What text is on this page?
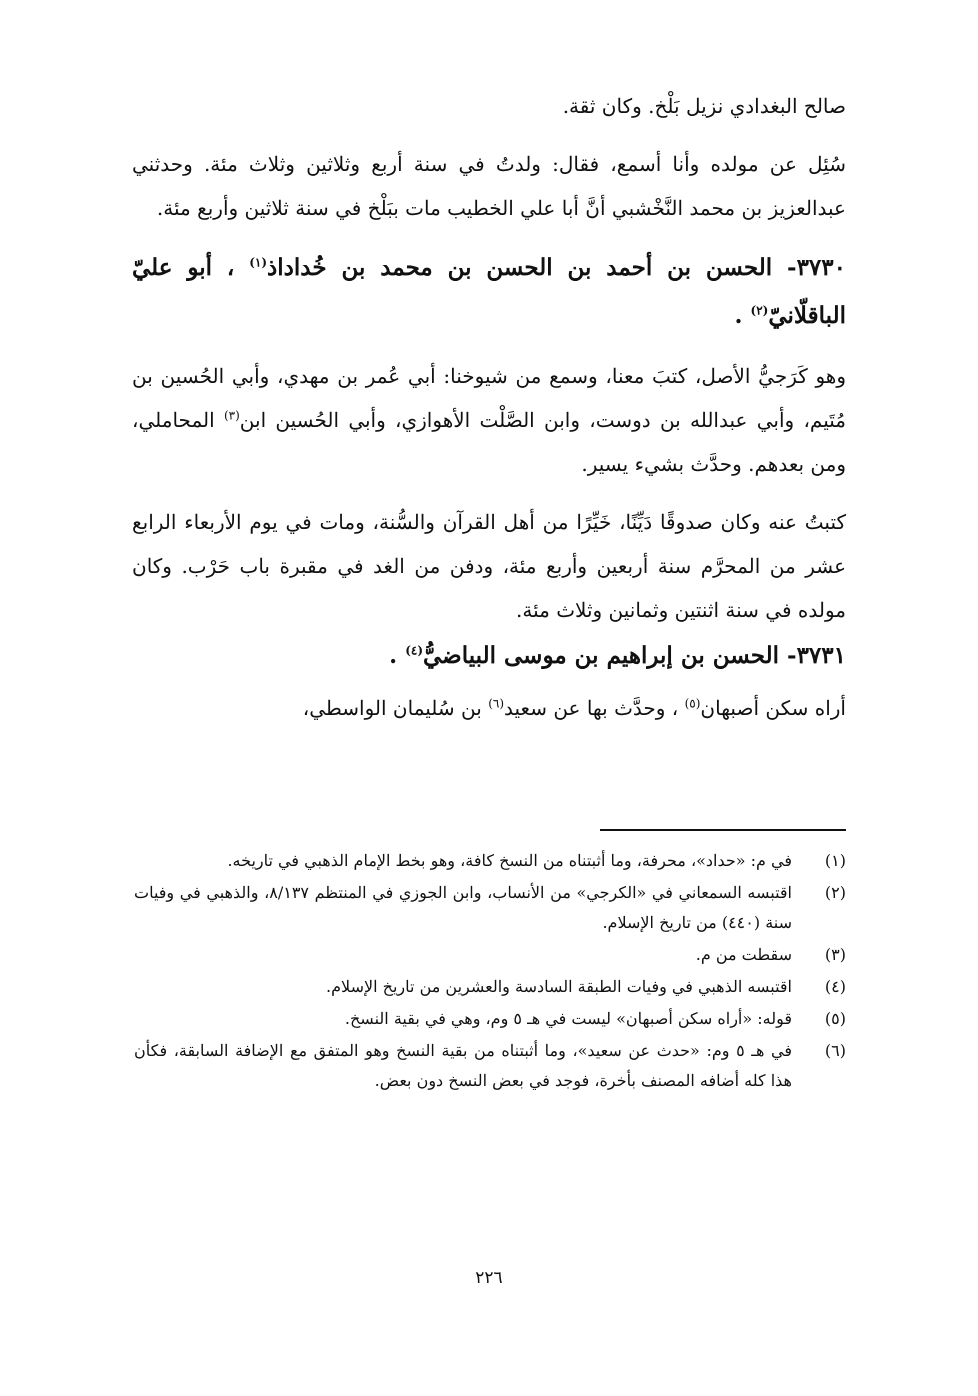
صالح البغدادي نزيل بَلْخ. وكان ثقة.

سُئِل عن مولده وأنا أسمع، فقال: ولدتُ في سنة أربع وثلاثين وثلاث مئة. وحدثني عبدالعزيز بن محمد النَّخْشبي أنَّ أبا علي الخطيب مات ببَلْخ في سنة ثلاثين وأربع مئة.

٣٧٣٠- الحسن بن أحمد بن الحسن بن محمد بن خُداداذ$^{(١)}$ ، أبو عليّ الباقلّانيّ$^{(٢)}$ .

وهو كَرَجيُّ الأصل، كتبَ معنا، وسمع من شيوخنا: أبي عُمر بن مهدي، وأبي الحُسين بن مُتَيم، وأبي عبدالله بن دوست، وابن الصَّلْت الأهوازي، وأبي الحُسين ابن$^{(٣)}$ المحاملي، ومن بعدهم. وحدَّث بشيء يسير.

كتبتُ عنه وكان صدوقًا دَيِّنًا، خَيِّرًا من أهل القرآن والسُّنة، ومات في يوم الأربعاء الرابع عشر من المحرَّم سنة أربعين وأربع مئة، ودفن من الغد في مقبرة باب حَرْب. وكان مولده في سنة اثنتين وثمانين وثلاث مئة.

٣٧٣١- الحسن بن إبراهيم بن موسى البياضيُّ$^{(٤)}$ .

أراه سكن أصبهان$^{(٥)}$ ، وحدَّث بها عن سعيد$^{(٦)}$ بن سُليمان الواسطي،

(١)
في م: «حداد»، محرفة، وما أثبتناه من النسخ كافة، وهو بخط الإمام الذهبي في تاريخه.
(٢)
اقتبسه السمعاني في «الكرجي» من الأنساب، وابن الجوزي في المنتظم ٨/١٣٧، والذهبي في وفيات سنة (٤٤٠) من تاريخ الإسلام.
(٣)
سقطت من م.
(٤)
اقتبسه الذهبي في وفيات الطبقة السادسة والعشرين من تاريخ الإسلام.
(٥)
قوله: «أراه سكن أصبهان» ليست في هـ ٥ وم، وهي في بقية النسخ.
(٦)
في هـ ٥ وم: «حدث عن سعيد»، وما أثبتناه من بقية النسخ وهو المتفق مع الإضافة السابقة، فكأن هذا كله أضافه المصنف بأخرة، فوجد في بعض النسخ دون بعض.
٢٢٦
